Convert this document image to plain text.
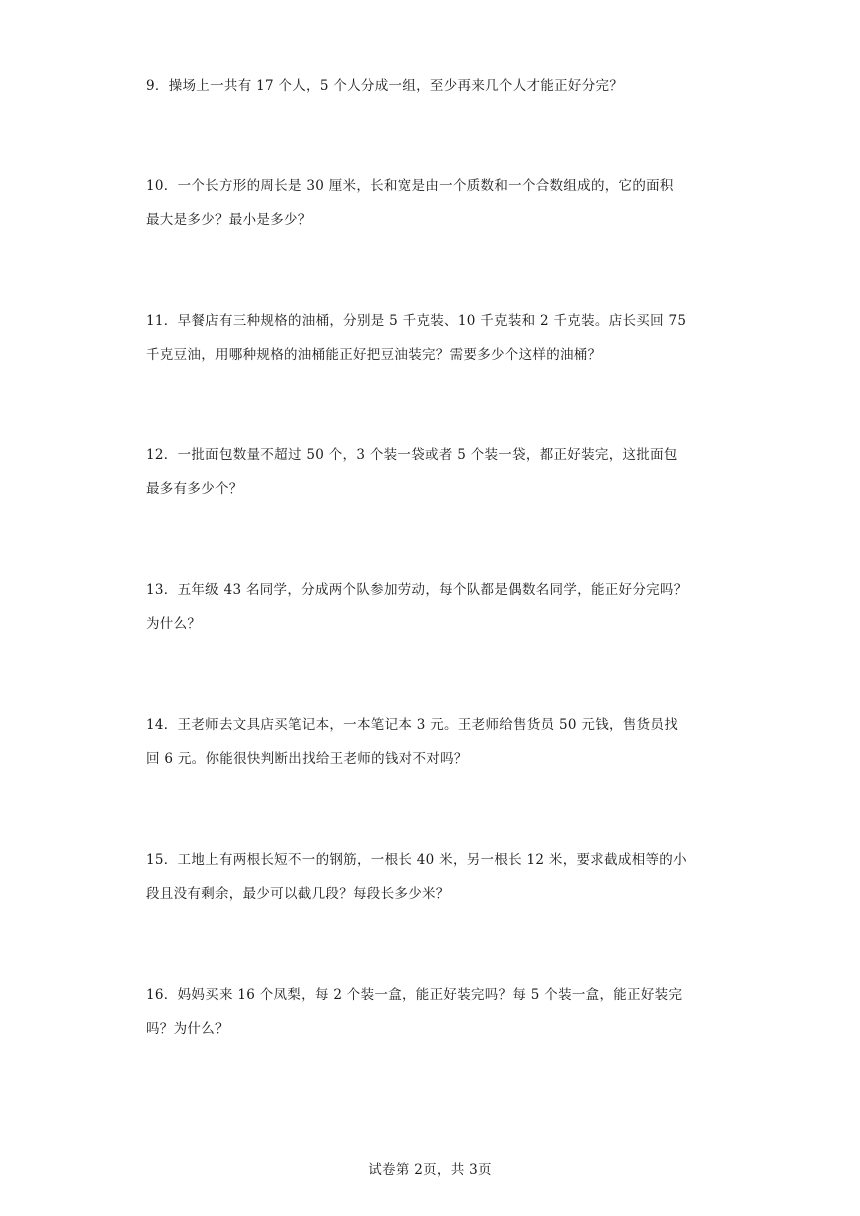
9．操场上一共有 17 个人，5 个人分成一组，至少再来几个人才能正好分完？
10．一个长方形的周长是 30 厘米，长和宽是由一个质数和一个合数组成的，它的面积
最大是多少？最小是多少？
11．早餐店有三种规格的油桶，分别是 5 千克装、10 千克装和 2 千克装。店长买回 75
千克豆油，用哪种规格的油桶能正好把豆油装完？需要多少个这样的油桶？
12．一批面包数量不超过 50 个，3 个装一袋或者 5 个装一袋，都正好装完，这批面包
最多有多少个？
13．五年级 43 名同学，分成两个队参加劳动，每个队都是偶数名同学，能正好分完吗？
为什么？
14．王老师去文具店买笔记本，一本笔记本 3 元。王老师给售货员 50 元钱，售货员找
回 6 元。你能很快判断出找给王老师的钱对不对吗？
15．工地上有两根长短不一的钢筋，一根长 40 米，另一根长 12 米，要求截成相等的小
段且没有剩余，最少可以截几段？每段长多少米？
16．妈妈买来 16 个凤梨，每 2 个装一盒，能正好装完吗？每 5 个装一盒，能正好装完
吗？为什么？
试卷第 2页，共 3页
